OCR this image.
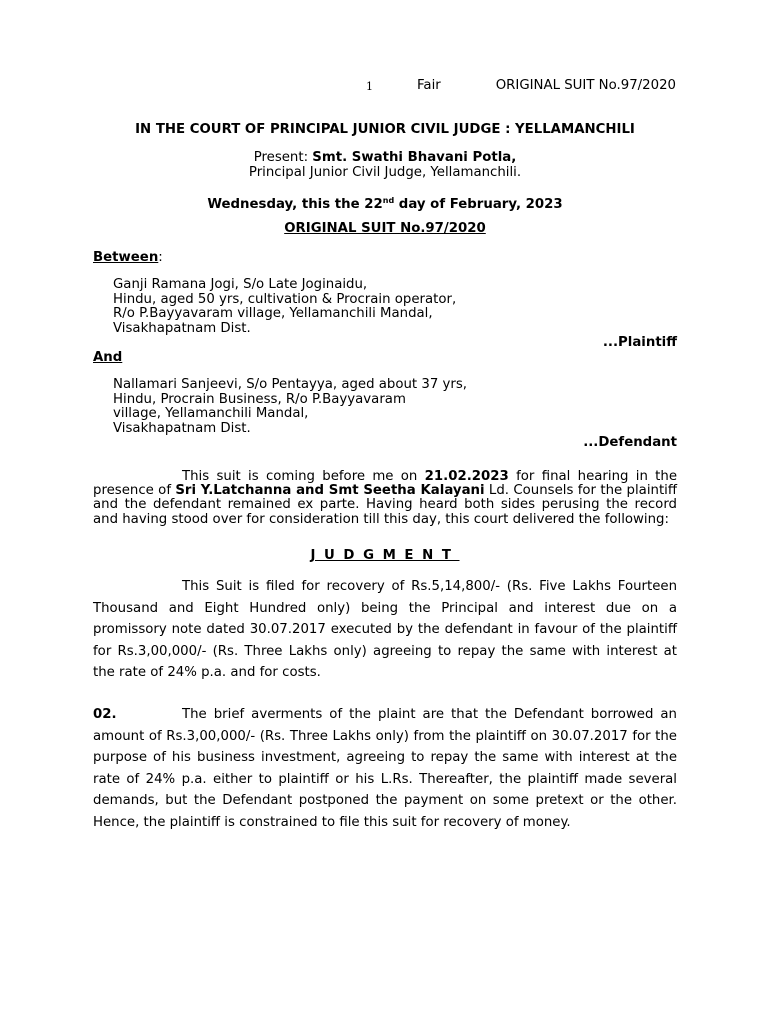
1	Fair	ORIGINAL SUIT No.97/2020
IN THE COURT OF PRINCIPAL JUNIOR CIVIL JUDGE : YELLAMANCHILI
Present: Smt. Swathi Bhavani Potla,
Principal Junior Civil Judge, Yellamanchili.
Wednesday, this the 22nd day of February, 2023
ORIGINAL SUIT No.97/2020
Between:
Ganji Ramana Jogi, S/o Late Joginaidu,
Hindu, aged 50 yrs, cultivation & Procrain operator,
R/o P.Bayyavaram village, Yellamanchili Mandal,
Visakhapatnam Dist.
...Plaintiff
And
Nallamari Sanjeevi, S/o Pentayya, aged about 37 yrs,
Hindu, Procrain Business, R/o P.Bayyavaram
village, Yellamanchili Mandal,
Visakhapatnam Dist.
...Defendant
This suit is coming before me on 21.02.2023 for final hearing in the presence of Sri Y.Latchanna and Smt Seetha Kalayani Ld. Counsels for the plaintiff and the defendant remained ex parte. Having heard both sides perusing the record and having stood over for consideration till this day, this court delivered the following:
JUDGMENT
This Suit is filed for recovery of Rs.5,14,800/- (Rs. Five Lakhs Fourteen Thousand and Eight Hundred only) being the Principal and interest due on a promissory note dated 30.07.2017 executed by the defendant in favour of the plaintiff for Rs.3,00,000/- (Rs. Three Lakhs only) agreeing to repay the same with interest at the rate of 24% p.a. and for costs.
02.	The brief averments of the plaint are that the Defendant borrowed an amount of Rs.3,00,000/- (Rs. Three Lakhs only) from the plaintiff on 30.07.2017 for the purpose of his business investment, agreeing to repay the same with interest at the rate of 24% p.a. either to plaintiff or his L.Rs. Thereafter, the plaintiff made several demands, but the Defendant postponed the payment on some pretext or the other. Hence, the plaintiff is constrained to file this suit for recovery of money.
